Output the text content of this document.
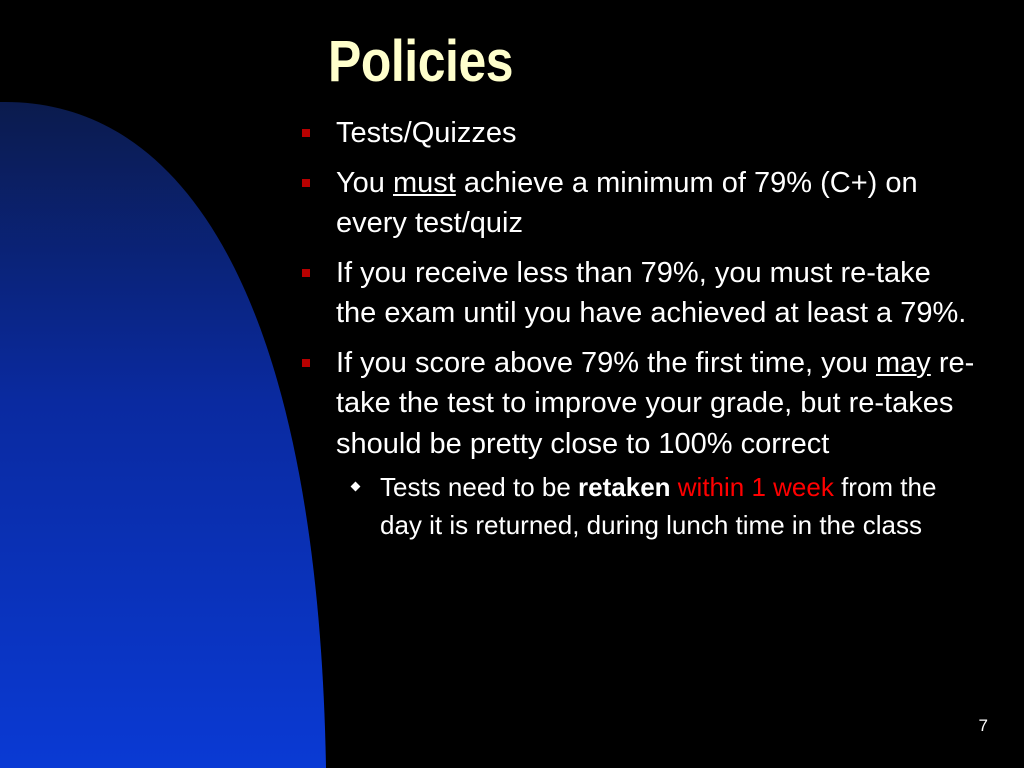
Policies
Tests/Quizzes
You must achieve a minimum of 79% (C+) on every test/quiz
If you receive less than 79%, you must re-take the exam until you have achieved at least a 79%.
If you score above 79% the first time, you may re-take the test to improve your grade, but re-takes should be pretty close to 100% correct
Tests need to be retaken within 1 week from the day it is returned, during lunch time in the class
7
